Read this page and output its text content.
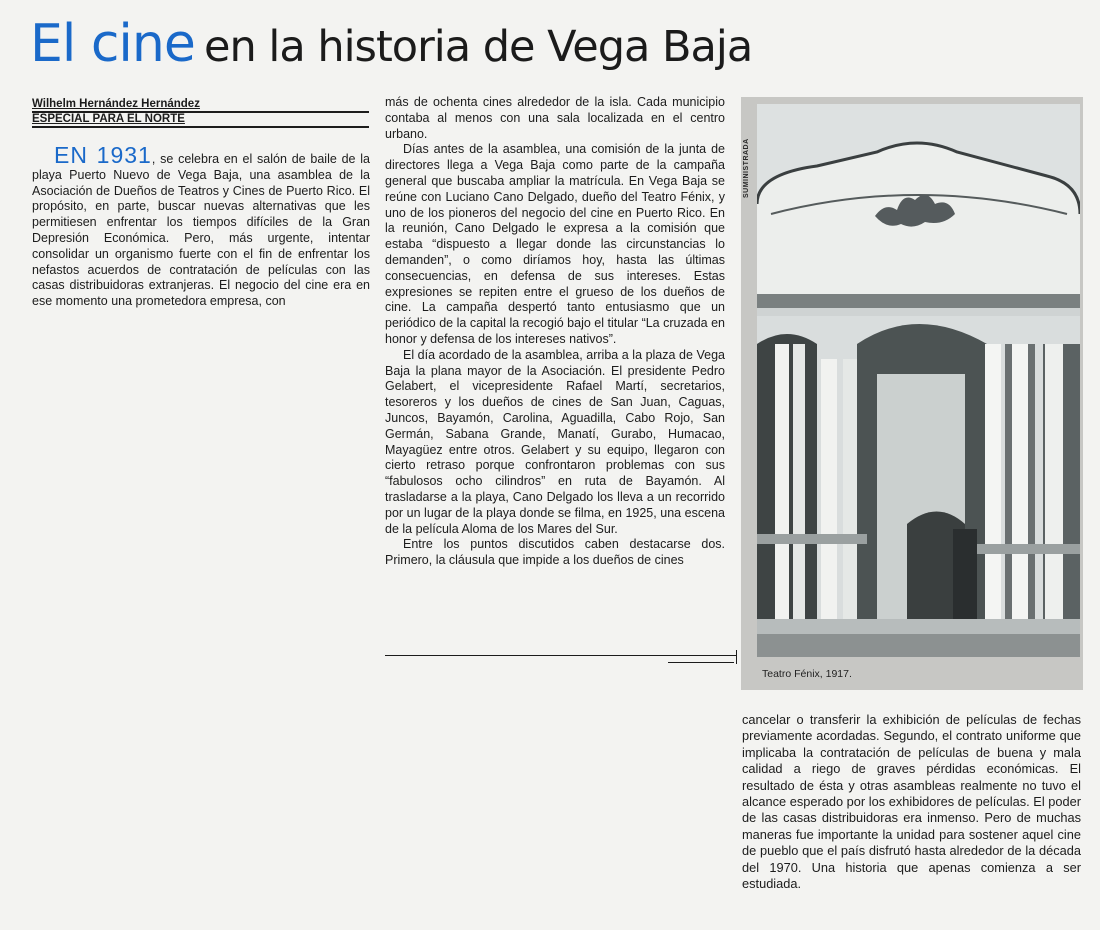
El cine en la historia de Vega Baja
Wilhelm Hernández Hernández
ESPECIAL PARA EL NORTE

EN 1931, se celebra en el salón de baile de la playa Puerto Nuevo de Vega Baja, una asamblea de la Asociación de Dueños de Teatros y Cines de Puerto Rico. El propósito, en parte, buscar nuevas alternativas que les permitiesen enfrentar los tiempos difíciles de la Gran Depresión Económica. Pero, más urgente, intentar consolidar un organismo fuerte con el fin de enfrentar los nefastos acuerdos de contratación de películas con las casas distribuidoras extranjeras. El negocio del cine era en ese momento una prometedora empresa, con

más de ochenta cines alrededor de la isla. Cada municipio contaba al menos con una sala localizada en el centro urbano.

Días antes de la asamblea, una comisión de la junta de directores llega a Vega Baja como parte de la campaña general que buscaba ampliar la matrícula. En Vega Baja se reúne con Luciano Cano Delgado, dueño del Teatro Fénix, y uno de los pioneros del negocio del cine en Puerto Rico. En la reunión, Cano Delgado le expresa a la comisión que estaba “dispuesto a llegar donde las circunstancias lo demanden”, o como diríamos hoy, hasta las últimas consecuencias, en defensa de sus intereses. Estas expresiones se repiten entre el grueso de los dueños de cine. La campaña despertó tanto entusiasmo que un periódico de la capital la recogió bajo el titular “La cruzada en honor y defensa de los intereses nativos”.

El día acordado de la asamblea, arriba a la plaza de Vega Baja la plana mayor de la Asociación. El presidente Pedro Gelabert, el vicepresidente Rafael Martí, secretarios, tesoreros y los dueños de cines de San Juan, Caguas, Juncos, Bayamón, Carolina, Aguadilla, Cabo Rojo, San Germán, Sabana Grande, Manatí, Gurabo, Humacao, Mayagüez entre otros. Gelabert y su equipo, llegaron con cierto retraso porque confrontaron problemas con sus “fabulosos ocho cilindros” en ruta de Bayamón. Al trasladarse a la playa, Cano Delgado los lleva a un recorrido por un lugar de la playa donde se filma, en 1925, una escena de la película Aloma de los Mares del Sur.

Entre los puntos discutidos caben destacarse dos. Primero, la cláusula que impide a los dueños de cines

SUMINISTRADA
Teatro Fénix, 1917.

cancelar o transferir la exhibición de películas de fechas previamente acordadas. Segundo, el contrato uniforme que implicaba la contratación de películas de buena y mala calidad a riego de graves pérdidas económicas. El resultado de ésta y otras asambleas realmente no tuvo el alcance esperado por los exhibidores de películas. El poder de las casas distribuidoras era inmenso. Pero de muchas maneras fue importante la unidad para sostener aquel cine de pueblo que el país disfrutó hasta alrededor de la década del 1970. Una historia que apenas comienza a ser estudiada.
